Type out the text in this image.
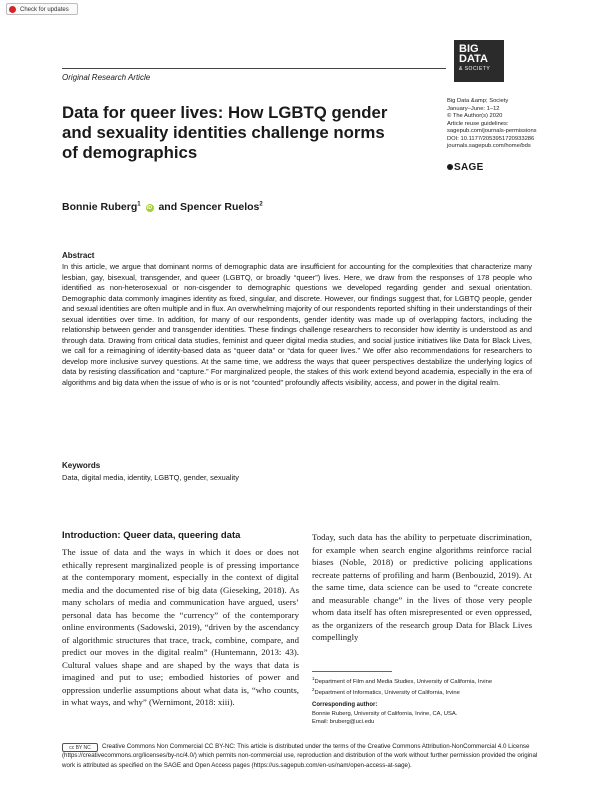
Check for updates
BIG
DATA
& SOCIETY
Original Research Article
Data for queer lives: How LGBTQ gender and sexuality identities challenge norms of demographics
Big Data &amp; Society
January–June: 1–12
© The Author(s) 2020
Article reuse guidelines:
sagepub.com/journals-permissions
DOI: 10.1177/2053951720933286
journals.sagepub.com/home/bds
SAGE
Bonnie Ruberg$^1$ iD and Spencer Ruelos$^2$
Abstract
In this article, we argue that dominant norms of demographic data are insufficient for accounting for the complexities that characterize many lesbian, gay, bisexual, transgender, and queer (LGBTQ, or broadly “queer”) lives. Here, we draw from the responses of 178 people who identified as non-heterosexual or non-cisgender to demographic questions we developed regarding gender and sexual orientation. Demographic data commonly imagines identity as fixed, singular, and discrete. However, our findings suggest that, for LGBTQ people, gender and sexual identities are often multiple and in flux. An overwhelming majority of our respondents reported shifting in their understandings of their sexual identities over time. In addition, for many of our respondents, gender identity was made up of overlapping factors, including the relationship between gender and transgender identities. These findings challenge researchers to reconsider how identity is understood as and through data. Drawing from critical data studies, feminist and queer digital media studies, and social justice initiatives like Data for Black Lives, we call for a reimagining of identity-based data as “queer data” or “data for queer lives.” We offer also recommendations for researchers to develop more inclusive survey questions. At the same time, we address the ways that queer perspectives destabilize the underlying logics of data by resisting classification and “capture.” For marginalized people, the stakes of this work extend beyond academia, especially in the era of algorithms and big data when the issue of who is or is not “counted” profoundly affects visibility, access, and power in the digital realm.
Keywords
Data, digital media, identity, LGBTQ, gender, sexuality
Introduction: Queer data, queering data
The issue of data and the ways in which it does or does not ethically represent marginalized people is of pressing importance at the contemporary moment, especially in the context of digital media and the documented rise of big data (Gieseking, 2018). As many scholars of media and communication have argued, users’ personal data has become the “currency” of the contemporary online environments (Sadowski, 2019), “driven by the ascendancy of algorithmic structures that trace, track, combine, compare, and predict our moves in the digital realm” (Huntemann, 2013: 43). Cultural values shape and are shaped by the ways that data is imagined and put to use; embodied histories of power and oppression underlie assumptions about what data is, “who counts, in what ways, and why” (Wernimont, 2018: xiii).
Today, such data has the ability to perpetuate discrimination, for example when search engine algorithms reinforce racial biases (Noble, 2018) or predictive policing applications recreate patterns of profiling and harm (Benbouzid, 2019). At the same time, data science can be used to “create concrete and measurable change” in the lives of those very people whom data itself has often misrepresented or even oppressed, as the organizers of the research group Data for Black Lives compellingly
$^1$Department of Film and Media Studies, University of California, Irvine
$^2$Department of Informatics, University of California, Irvine
Corresponding author:
Bonnie Ruberg, University of California, Irvine, CA, USA.
Email: bruberg@uci.edu
Creative Commons Non Commercial CC BY-NC: This article is distributed under the terms of the Creative Commons Attribution-NonCommercial 4.0 License (https://creativecommons.org/licenses/by-nc/4.0/) which permits non-commercial use, reproduction and distribution of the work without further permission provided the original work is attributed as specified on the SAGE and Open Access pages (https://us.sagepub.com/en-us/nam/open-access-at-sage).
cc BY NC
